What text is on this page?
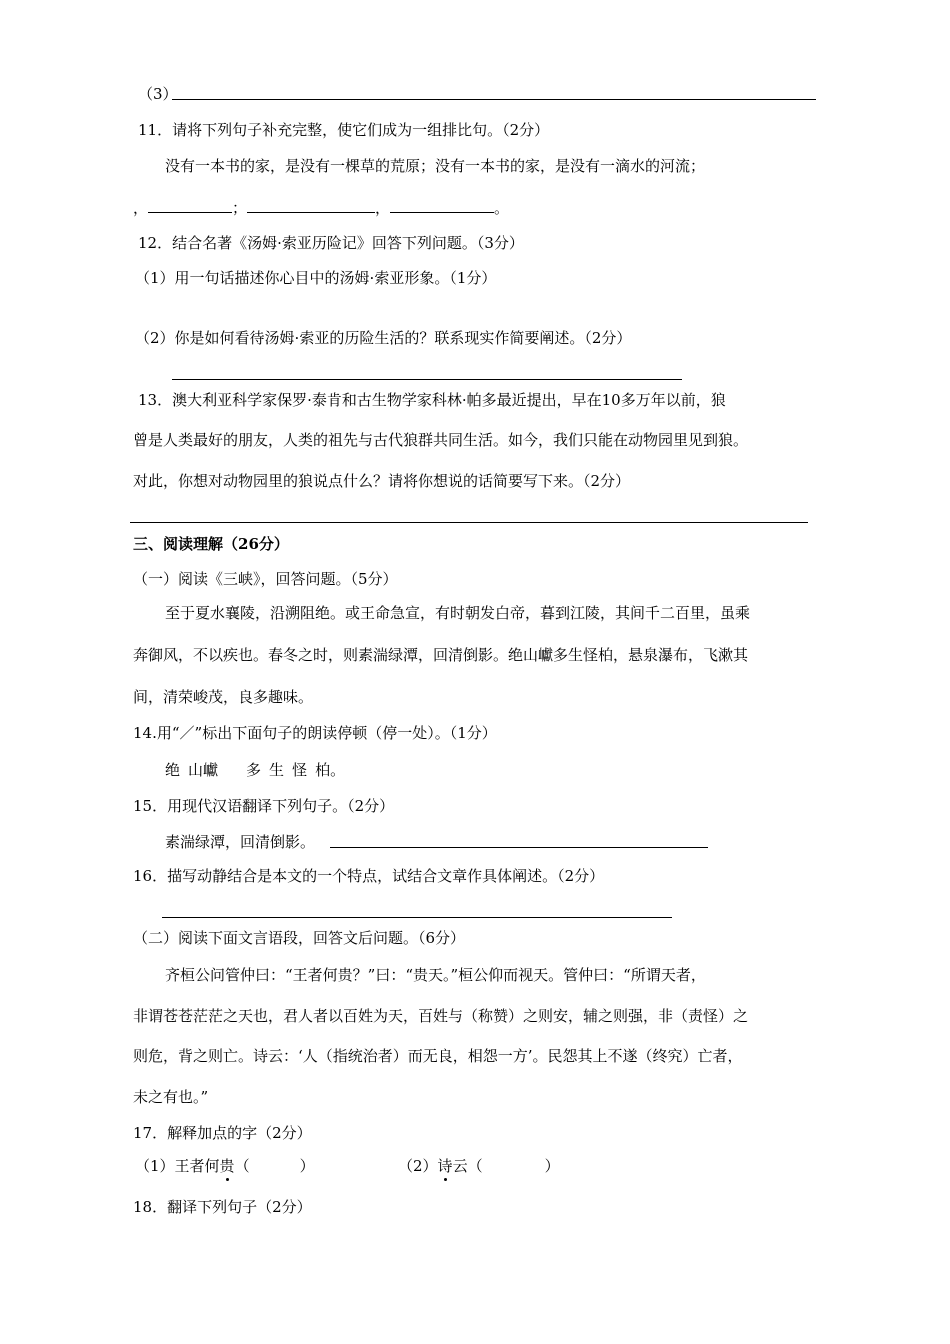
（3）
11．请将下列句子补充完整，使它们成为一组排比句。（2分）
没有一本书的家，是没有一棵草的荒原；没有一本书的家，是没有一滴水的河流；
，	；	，	。
12．结合名著《汤姆·索亚历险记》回答下列问题。（3分）
（1）用一句话描述你心目中的汤姆·索亚形象。（1分）
（2）你是如何看待汤姆·索亚的历险生活的？联系现实作简要阐述。（2分）
13．澳大利亚科学家保罗·泰肯和古生物学家科林·帕多最近提出，早在10多万年以前，狼
曾是人类最好的朋友，人类的祖先与古代狼群共同生活。如今，我们只能在动物园里见到狼。
对此，你想对动物园里的狼说点什么？请将你想说的话简要写下来。（2分）
三、阅读理解（26分）
（一）阅读《三峡》，回答问题。（5分）
至于夏水襄陵，沿溯阻绝。或王命急宣，有时朝发白帝，暮到江陵，其间千二百里，虽乘
奔御风，不以疾也。春冬之时，则素湍绿潭，回清倒影。绝山巘多生怪柏，悬泉瀑布，飞漱其
间，清荣峻茂，良多趣味。
14.用“／”标出下面句子的朗读停顿（停一处）。（1分）
绝 山巘 多 生 怪 柏。
15．用现代汉语翻译下列句子。（2分）
素湍绿潭，回清倒影。
16．描写动静结合是本文的一个特点，试结合文章作具体阐述。（2分）
（二）阅读下面文言语段，回答文后问题。（6分）
齐桓公问管仲曰：“王者何贵？”曰：“贵天。”桓公仰而视天。管仲曰：“所谓天者，
非谓苍苍茫茫之天也，君人者以百姓为天，百姓与（称赞）之则安，辅之则强，非（责怪）之
则危，背之则亡。诗云：‘人（指统治者）而无良，相怨一方’。民怨其上不遂（终究）亡者，
未之有也。”
17．解释加点的字（2分）
（1）王者何贵（	）	（2）诗云（	）
18．翻译下列句子（2分）
